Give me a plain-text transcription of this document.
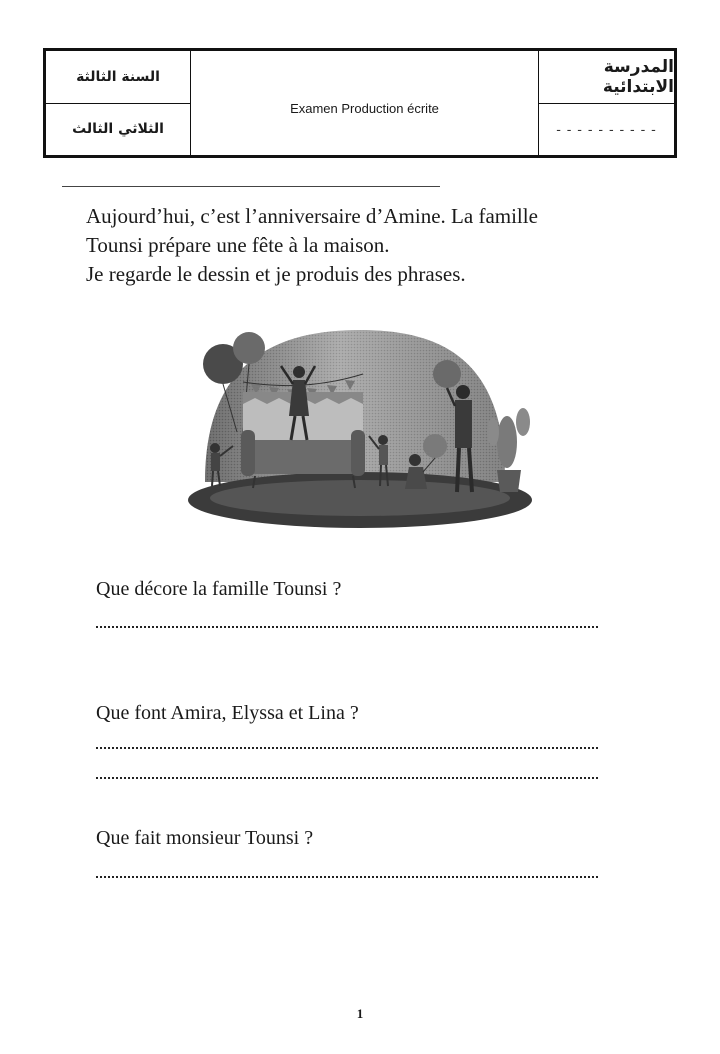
السنة الثالثة
الثلاثي الثالث
Examen Production écrite
المدرسة الابتدائية
- - - - - - - - - -
Aujourd’hui, c’est l’anniversaire d’Amine. La famille
Tounsi prépare une fête à la maison.
Je regarde le dessin et je produis des phrases.
Que décore la famille Tounsi ?
Que font Amira, Elyssa et Lina ?
Que fait monsieur Tounsi ?
1
